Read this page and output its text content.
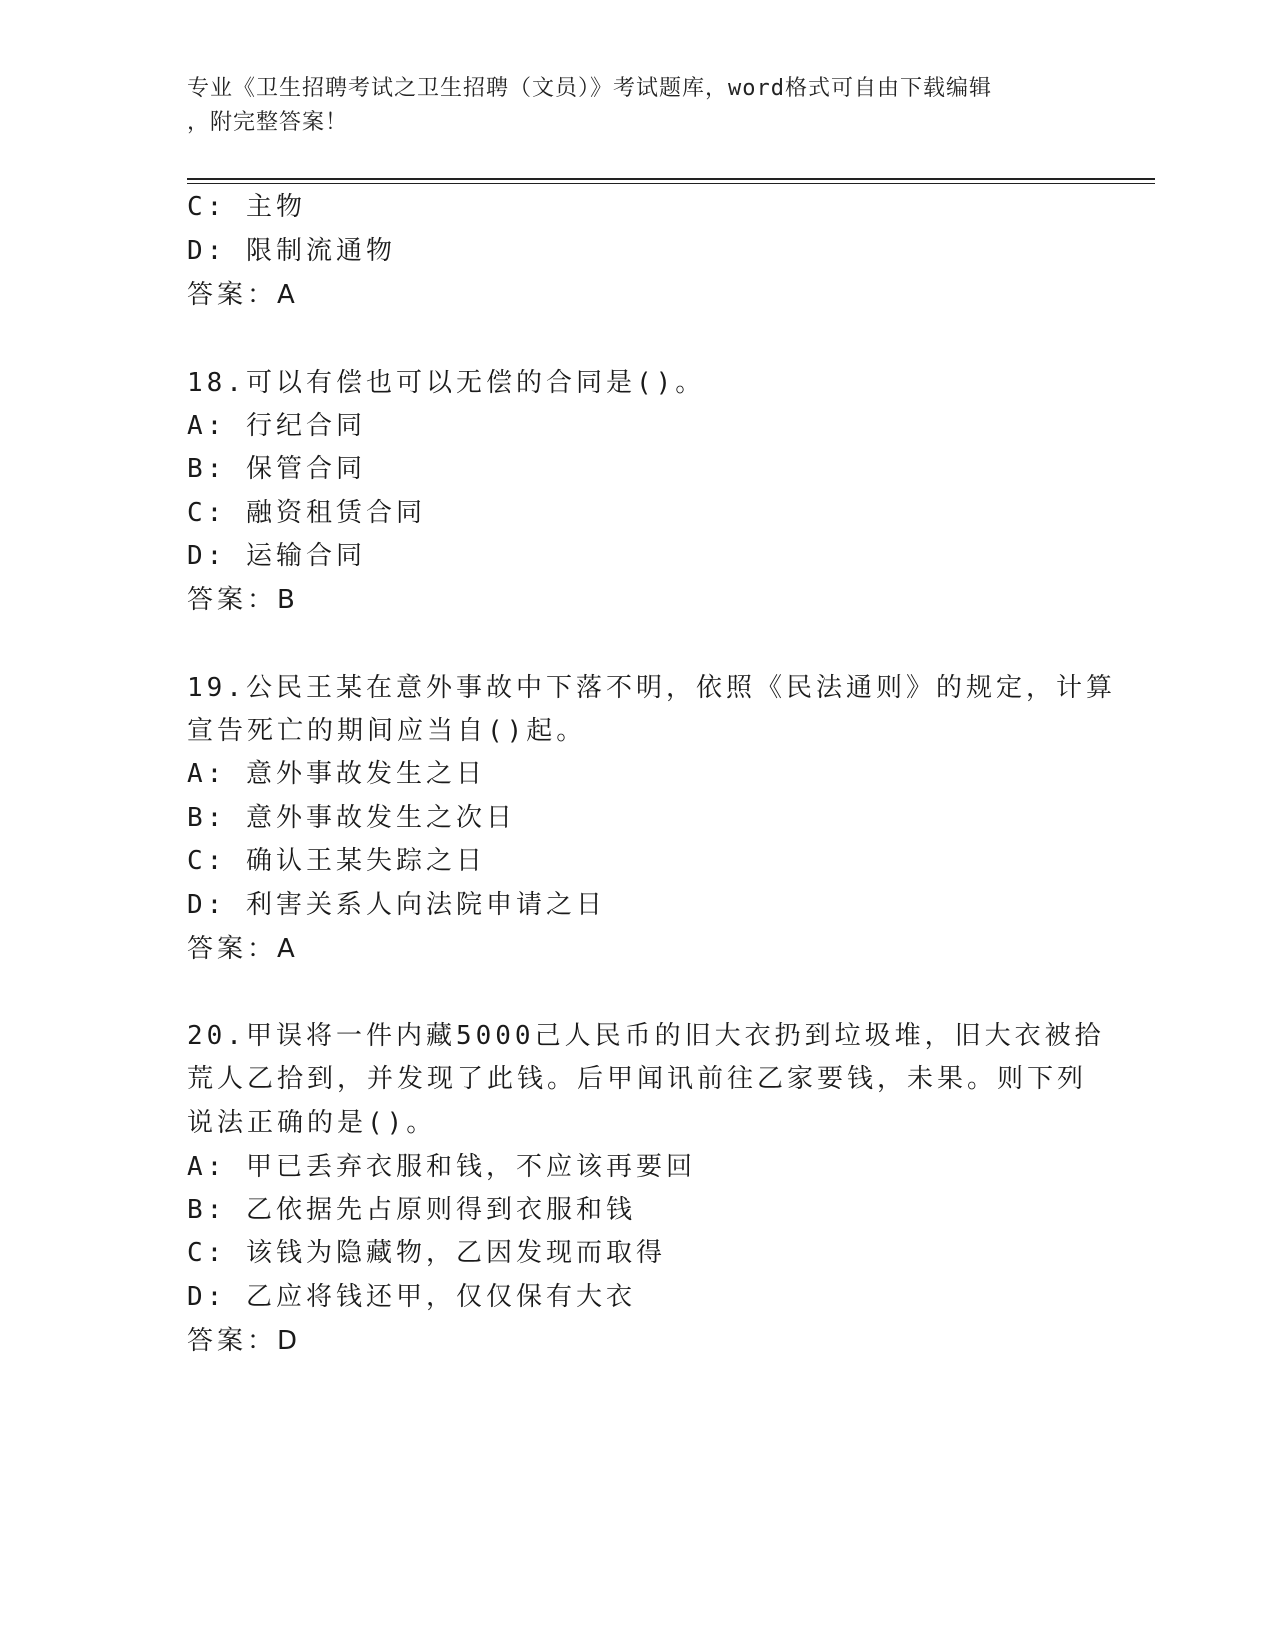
专业《卫生招聘考试之卫生招聘（文员）》考试题库，word格式可自由下载编辑
，附完整答案！
C: 主物
D: 限制流通物
答案：A
18.可以有偿也可以无偿的合同是()。
A: 行纪合同
B: 保管合同
C: 融资租赁合同
D: 运输合同
答案：B
19.公民王某在意外事故中下落不明，依照《民法通则》的规定，计算
宣告死亡的期间应当自()起。
A: 意外事故发生之日
B: 意外事故发生之次日
C: 确认王某失踪之日
D: 利害关系人向法院申请之日
答案：A
20.甲误将一件内藏5000己人民币的旧大衣扔到垃圾堆，旧大衣被拾
荒人乙拾到，并发现了此钱。后甲闻讯前往乙家要钱，未果。则下列
说法正确的是()。
A: 甲已丢弃衣服和钱，不应该再要回
B: 乙依据先占原则得到衣服和钱
C: 该钱为隐藏物，乙因发现而取得
D: 乙应将钱还甲，仅仅保有大衣
答案：D
